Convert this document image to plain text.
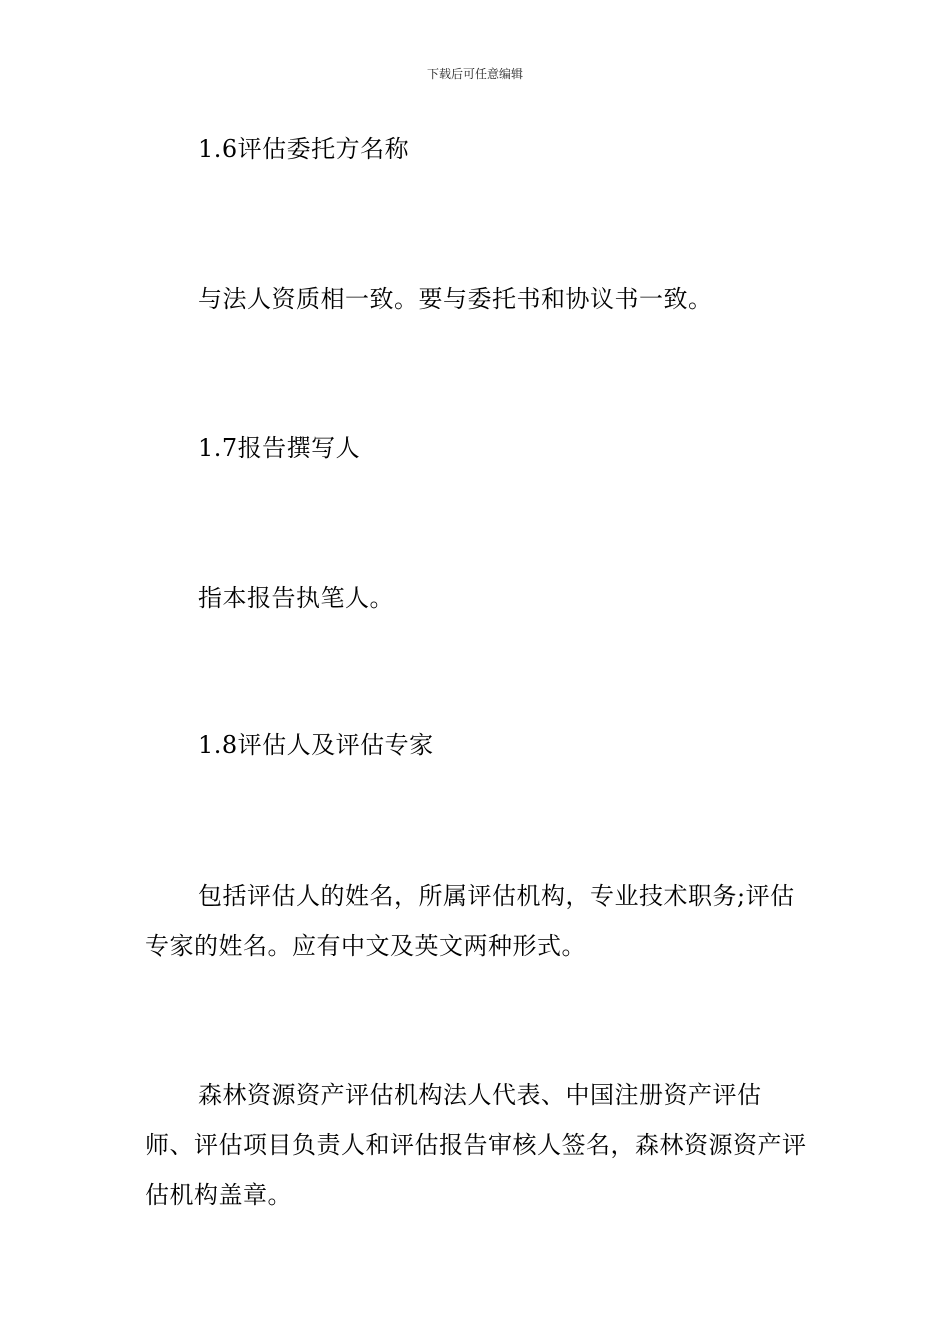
下载后可任意编辑

1.6评估委托方名称

与法人资质相一致。要与委托书和协议书一致。

1.7报告撰写人

指本报告执笔人。

1.8评估人及评估专家

包括评估人的姓名，所属评估机构，专业技术职务;评估专家的姓名。应有中文及英文两种形式。

森林资源资产评估机构法人代表、中国注册资产评估师、评估项目负责人和评估报告审核人签名，森林资源资产评估机构盖章。
